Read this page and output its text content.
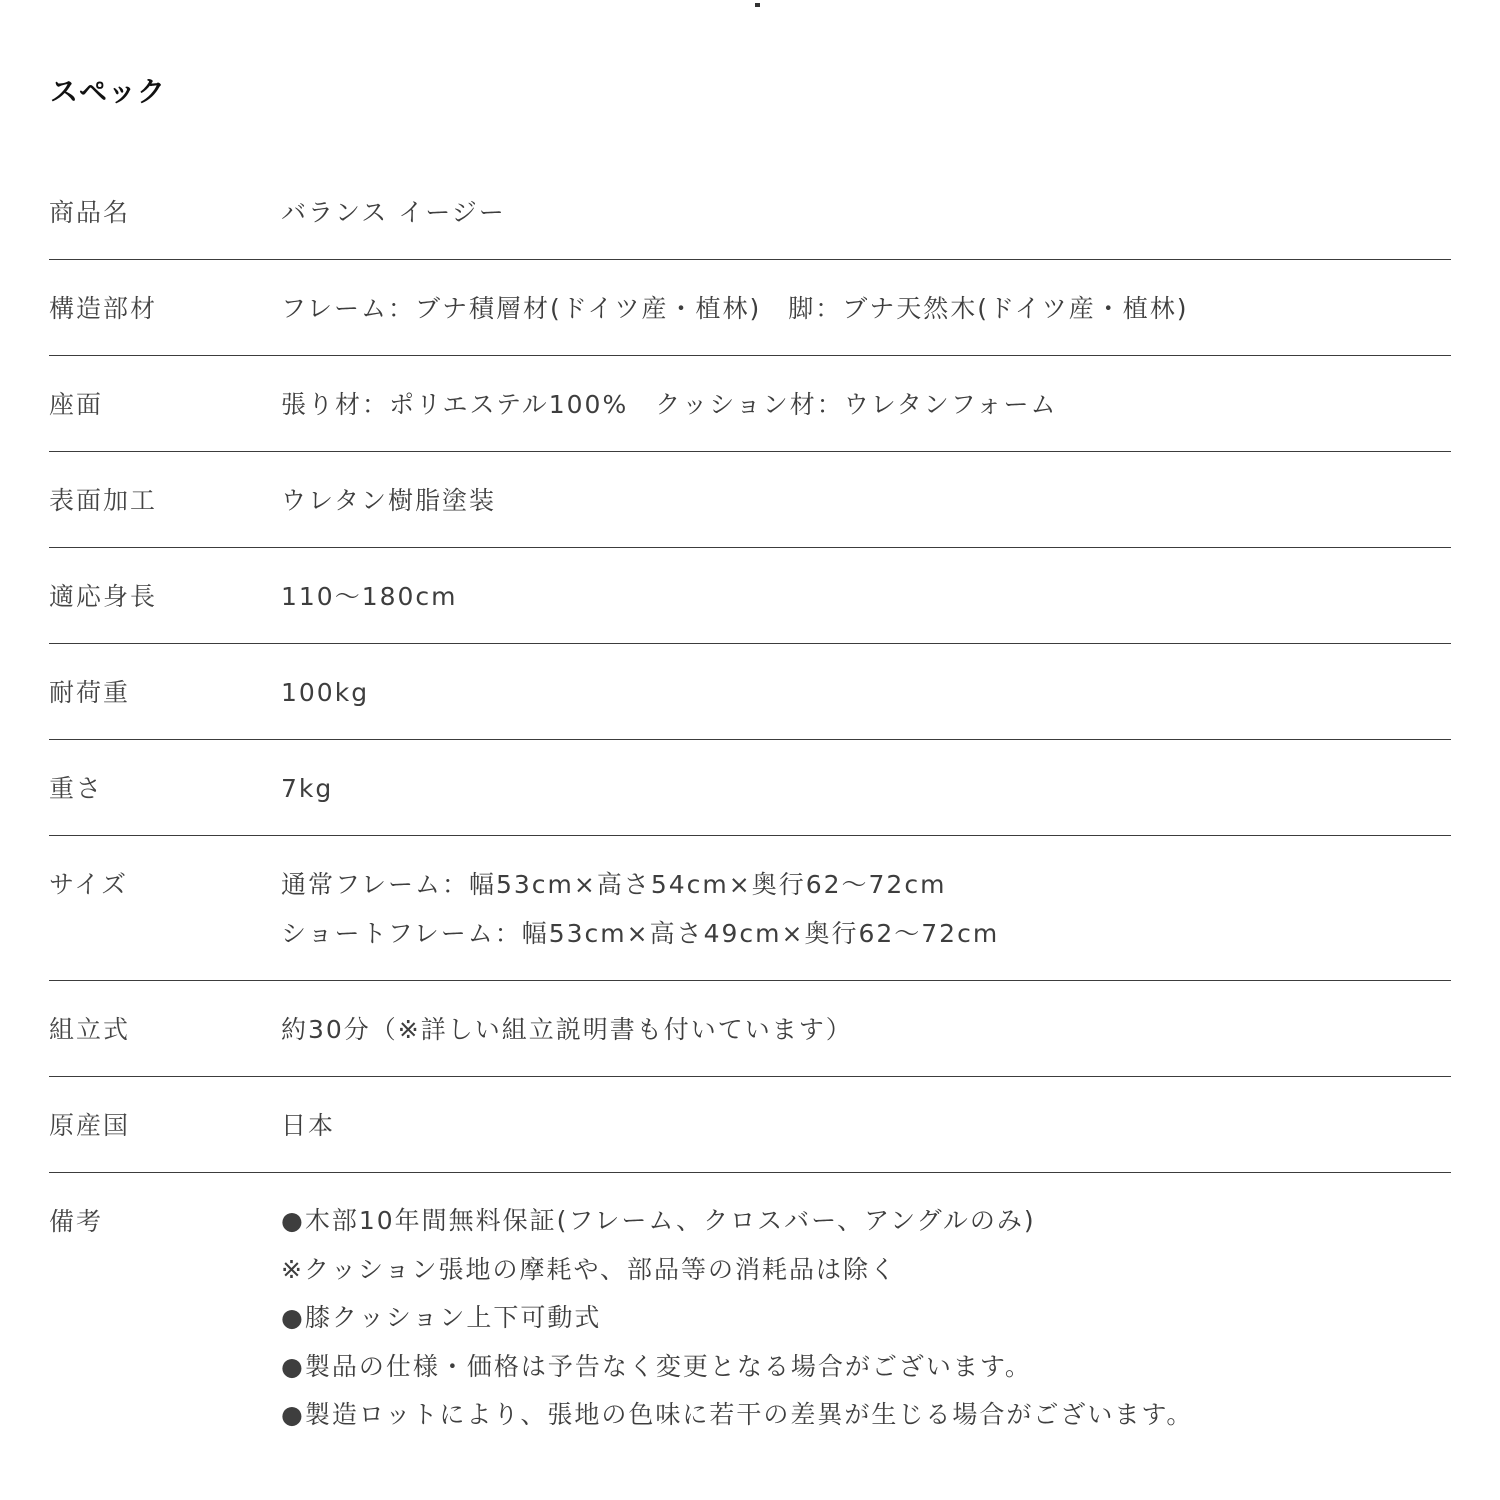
スペック
商品名	バランス イージー
構造部材	フレーム：ブナ積層材(ドイツ産・植林)　脚：ブナ天然木(ドイツ産・植林)
座面	張り材：ポリエステル100%　クッション材：ウレタンフォーム
表面加工	ウレタン樹脂塗装
適応身長	110〜180cm
耐荷重	100kg
重さ	7kg
サイズ	通常フレーム：幅53cm×高さ54cm×奥行62〜72cm
ショートフレーム：幅53cm×高さ49cm×奥行62〜72cm
組立式	約30分（※詳しい組立説明書も付いています）
原産国	日本
備考	●木部10年間無料保証(フレーム、クロスバー、アングルのみ)
※クッション張地の摩耗や、部品等の消耗品は除く
●膝クッション上下可動式
●製品の仕様・価格は予告なく変更となる場合がございます。
●製造ロットにより、張地の色味に若干の差異が生じる場合がございます。
